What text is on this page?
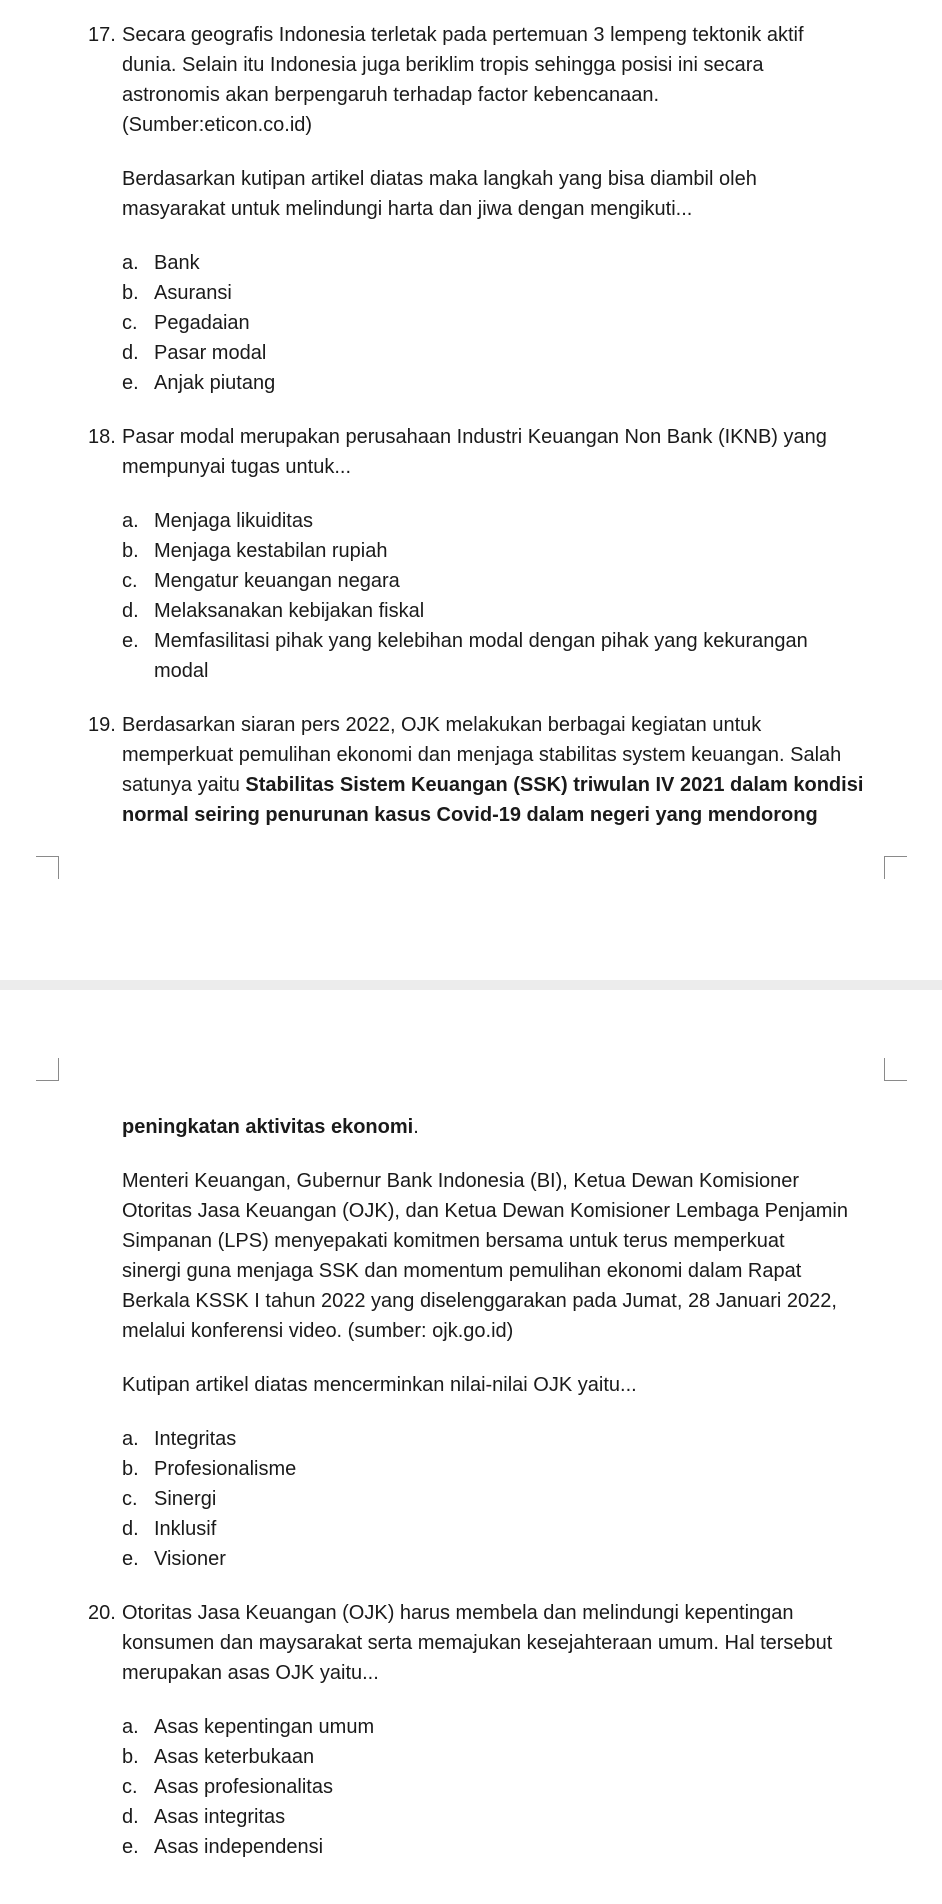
17. Secara geografis Indonesia terletak pada pertemuan 3 lempeng tektonik aktif
dunia. Selain itu Indonesia juga beriklim tropis sehingga posisi ini secara
astronomis akan berpengaruh terhadap factor kebencanaan.
(Sumber:eticon.co.id)
Berdasarkan kutipan artikel diatas maka langkah yang bisa diambil oleh
masyarakat untuk melindungi harta dan jiwa dengan mengikuti...
a. Bank
b. Asuransi
c. Pegadaian
d. Pasar modal
e. Anjak piutang
18. Pasar modal merupakan perusahaan Industri Keuangan Non Bank (IKNB) yang
mempunyai tugas untuk...
a. Menjaga likuiditas
b. Menjaga kestabilan rupiah
c. Mengatur keuangan negara
d. Melaksanakan kebijakan fiskal
e. Memfasilitasi pihak yang kelebihan modal dengan pihak yang kekurangan
modal
19. Berdasarkan siaran pers 2022, OJK melakukan berbagai kegiatan untuk
memperkuat pemulihan ekonomi dan menjaga stabilitas system keuangan. Salah
satunya yaitu Stabilitas Sistem Keuangan (SSK) triwulan IV 2021 dalam kondisi
normal seiring penurunan kasus Covid-19 dalam negeri yang mendorong
peningkatan aktivitas ekonomi.
Menteri Keuangan, Gubernur Bank Indonesia (BI), Ketua Dewan Komisioner
Otoritas Jasa Keuangan (OJK), dan Ketua Dewan Komisioner Lembaga Penjamin
Simpanan (LPS) menyepakati komitmen bersama untuk terus memperkuat
sinergi guna menjaga SSK dan momentum pemulihan ekonomi dalam Rapat
Berkala KSSK I tahun 2022 yang diselenggarakan pada Jumat, 28 Januari 2022,
melalui konferensi video. (sumber: ojk.go.id)
Kutipan artikel diatas mencerminkan nilai-nilai OJK yaitu...
a. Integritas
b. Profesionalisme
c. Sinergi
d. Inklusif
e. Visioner
20. Otoritas Jasa Keuangan (OJK) harus membela dan melindungi kepentingan
konsumen dan maysarakat serta memajukan kesejahteraan umum. Hal tersebut
merupakan asas OJK yaitu...
a. Asas kepentingan umum
b. Asas keterbukaan
c. Asas profesionalitas
d. Asas integritas
e. Asas independensi
